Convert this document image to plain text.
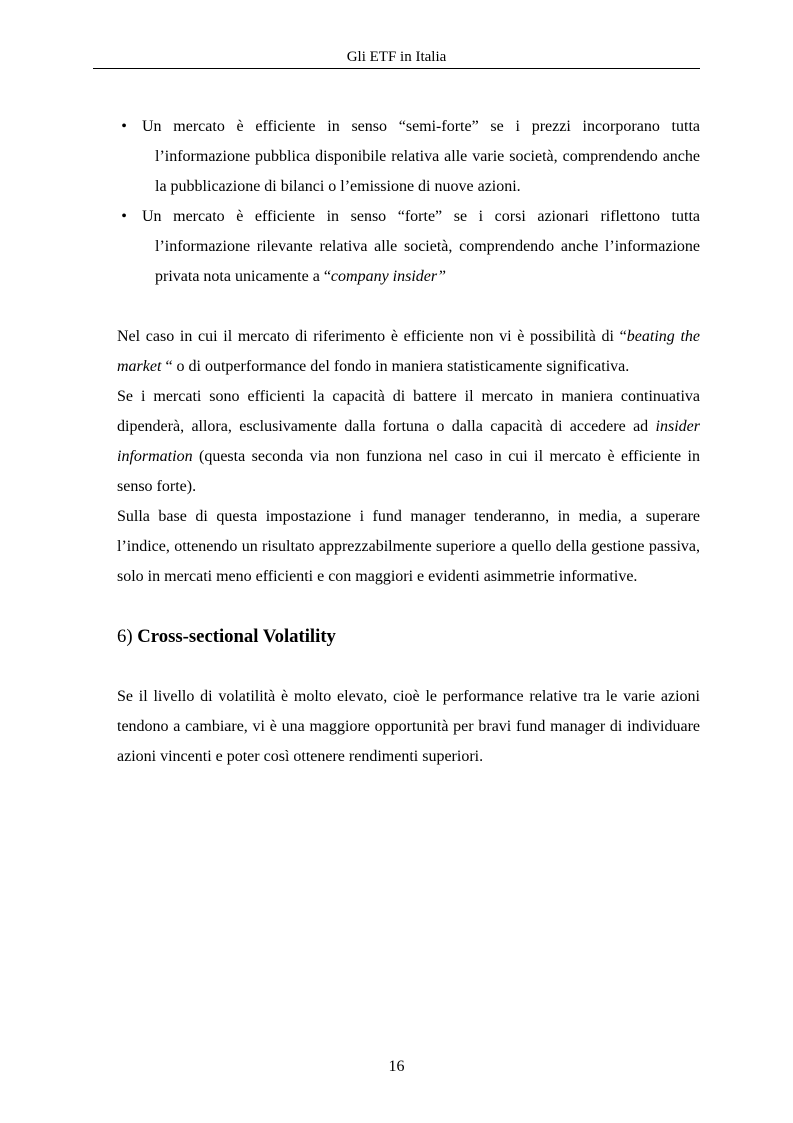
Gli ETF in Italia
• Un mercato è efficiente in senso “semi-forte” se i prezzi incorporano tutta l’informazione pubblica disponibile relativa alle varie società, comprendendo anche la pubblicazione di bilanci o l’emissione di nuove azioni.
• Un mercato è efficiente in senso “forte” se i corsi azionari riflettono tutta l’informazione rilevante relativa alle società, comprendendo anche l’informazione privata nota unicamente a “company insider”

Nel caso in cui il mercato di riferimento è efficiente non vi è possibilità di “beating the market “ o di outperformance del fondo in maniera statisticamente significativa.

Se i mercati sono efficienti la capacità di battere il mercato in maniera continuativa dipenderà, allora, esclusivamente dalla fortuna o dalla capacità di accedere ad insider information (questa seconda via non funziona nel caso in cui il mercato è efficiente in senso forte).

Sulla base di questa impostazione i fund manager tenderanno, in media, a superare l’indice, ottenendo un risultato apprezzabilmente superiore a quello della gestione passiva, solo in mercati meno efficienti e con maggiori e evidenti asimmetrie informative.

6) Cross-sectional Volatility

Se il livello di volatilità è molto elevato, cioè le performance relative tra le varie azioni tendono a cambiare, vi è una maggiore opportunità per bravi fund manager di individuare azioni vincenti e poter così ottenere rendimenti superiori.

16
